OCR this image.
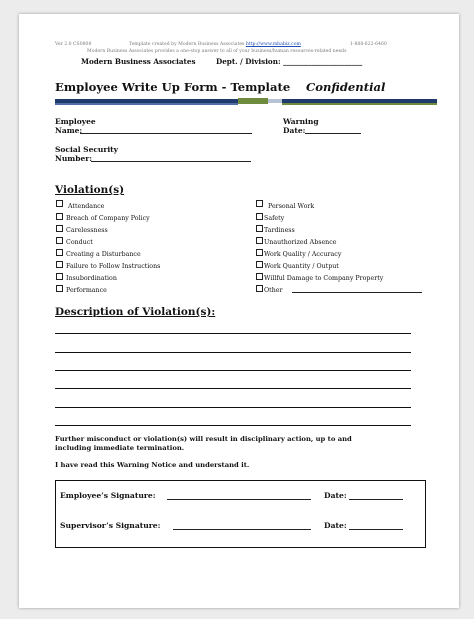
Ver 2.0 CS0808	Template created by Modern Business Associates http://www.mbabiz.com	1-888-622-6460
Modern Business Associates provides a one-stop answer to all of your business/human resources-related needs
Modern Business Associates	Dept. / Division: ______________________
Employee Write Up Form - Template Confidential
Employee
Name:
Warning
Date:
Social Security
Number:
Violation(s)
Attendance
Breach of Company Policy
Carelessness
Conduct
Creating a Disturbance
Failure to Follow Instructions
Insubordination
Performance
Personal Work
Safety
Tardiness
Unauthorized Absence
Work Quality / Accuracy
Work Quantity / Output
Willful Damage to Company Property
Other
Description of Violation(s):
Further misconduct or violation(s) will result in disciplinary action, up to and
including immediate termination.
I have read this Warning Notice and understand it.
Employee’s Signature:	Date:
Supervisor’s Signature:	Date:
